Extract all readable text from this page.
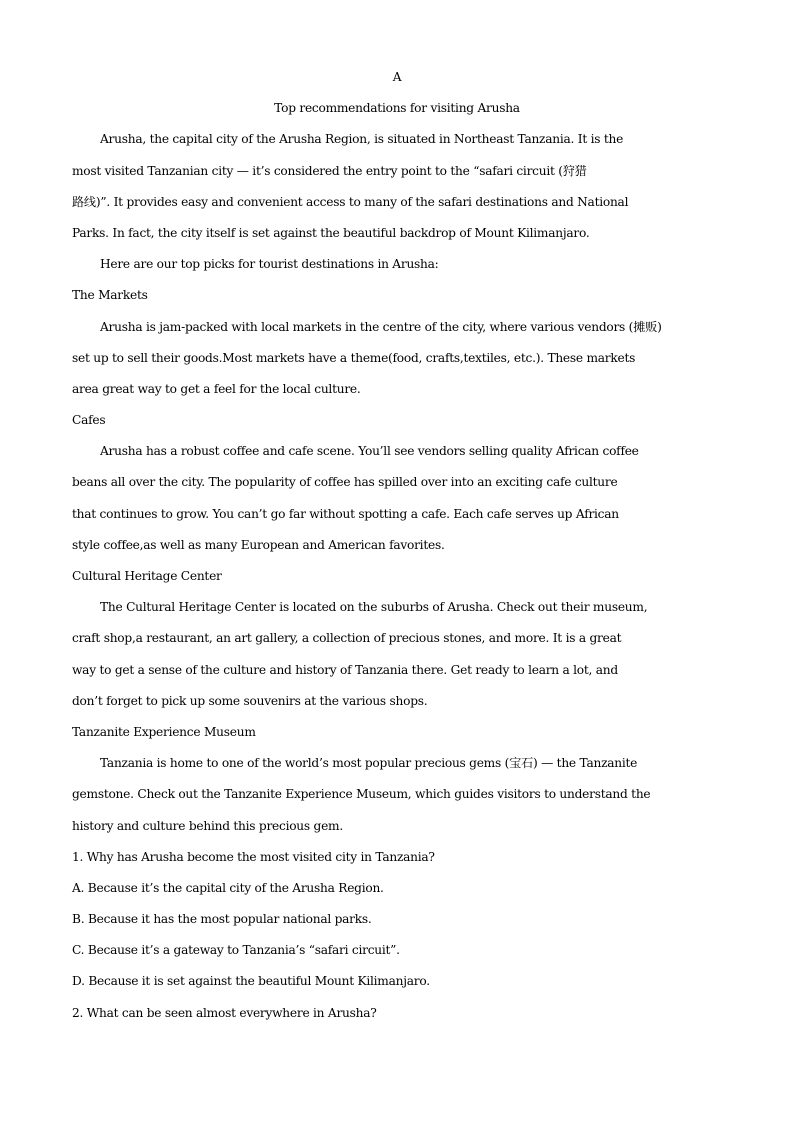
A
Top recommendations for visiting Arusha
Arusha, the capital city of the Arusha Region, is situated in Northeast Tanzania. It is the
most visited Tanzanian city — it’s considered the entry point to the “safari circuit (狩猎
路线)”. It provides easy and convenient access to many of the safari destinations and National
Parks. In fact, the city itself is set against the beautiful backdrop of Mount Kilimanjaro.
Here are our top picks for tourist destinations in Arusha:
The Markets
Arusha is jam-packed with local markets in the centre of the city, where various vendors (摊贩)
set up to sell their goods.Most markets have a theme(food, crafts,textiles, etc.). These markets
area great way to get a feel for the local culture.
Cafes
Arusha has a robust coffee and cafe scene. You’ll see vendors selling quality African coffee
beans all over the city. The popularity of coffee has spilled over into an exciting cafe culture
that continues to grow. You can’t go far without spotting a cafe. Each cafe serves up African
style coffee,as well as many European and American favorites.
Cultural Heritage Center
The Cultural Heritage Center is located on the suburbs of Arusha. Check out their museum,
craft shop,a restaurant, an art gallery, a collection of precious stones, and more. It is a great
way to get a sense of the culture and history of Tanzania there. Get ready to learn a lot, and
don’t forget to pick up some souvenirs at the various shops.
Tanzanite Experience Museum
Tanzania is home to one of the world’s most popular precious gems (宝石) — the Tanzanite
gemstone. Check out the Tanzanite Experience Museum, which guides visitors to understand the
history and culture behind this precious gem.
1. Why has Arusha become the most visited city in Tanzania?
A. Because it’s the capital city of the Arusha Region.
B. Because it has the most popular national parks.
C. Because it’s a gateway to Tanzania’s “safari circuit”.
D. Because it is set against the beautiful Mount Kilimanjaro.
2. What can be seen almost everywhere in Arusha?
